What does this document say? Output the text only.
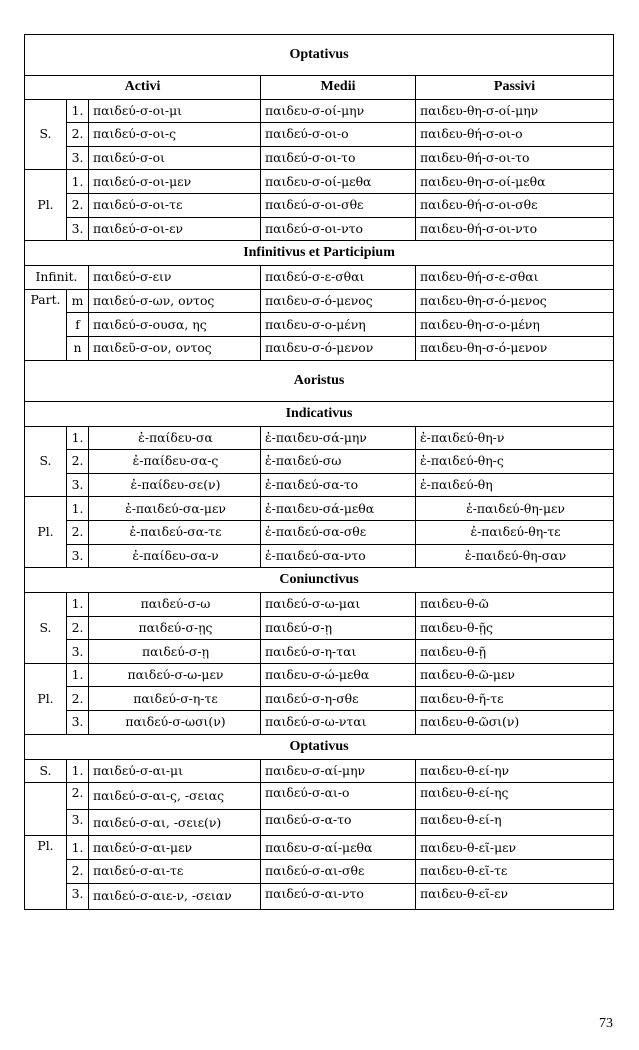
Optativus				
Activi			Medii	Passivi
S.	1.	παιδεύ-σ-οι-μι	παιδευ-σ-οί-μην	παιδευ-θη-σ-οί-μην
	2.	παιδεύ-σ-οι-ς	παιδεύ-σ-οι-ο	παιδευ-θή-σ-οι-ο
	3.	παιδεύ-σ-οι	παιδεύ-σ-οι-το	παιδευ-θή-σ-οι-το
Pl.	1.	παιδεύ-σ-οι-μεν	παιδευ-σ-οί-μεθα	παιδευ-θη-σ-οί-μεθα
	2.	παιδεύ-σ-οι-τε	παιδεύ-σ-οι-σθε	παιδευ-θή-σ-οι-σθε
	3.	παιδεύ-σ-οι-εν	παιδεύ-σ-οι-ντο	παιδευ-θή-σ-οι-ντο
Infinitivus et Participium				
Infinit.		παιδεύ-σ-ειν	παιδεύ-σ-ε-σθαι	παιδευ-θή-σ-ε-σθαι
Part.	m	παιδεύ-σ-ων, οντος	παιδευ-σ-ό-μενος	παιδευ-θη-σ-ό-μενος
	f	παιδεύ-σ-ουσα, ης	παιδευ-σ-ο-μένη	παιδευ-θη-σ-ο-μένη
	n	παιδεῦ-σ-ον, οντος	παιδευ-σ-ό-μενον	παιδευ-θη-σ-ό-μενον
Aoristus				
Indicativus				
S.	1.	ἐ-παίδευ-σα	ἐ-παιδευ-σά-μην	ἐ-παιδεύ-θη-ν
	2.	ἐ-παίδευ-σα-ς	ἐ-παιδεύ-σω	ἐ-παιδεύ-θη-ς
	3.	ἐ-παίδευ-σε(ν)	ἐ-παιδεύ-σα-το	ἐ-παιδεύ-θη
Pl.	1.	ἐ-παιδεύ-σα-μεν	ἐ-παιδευ-σά-μεθα	ἐ-παιδεύ-θη-μεν
	2.	ἐ-παιδεύ-σα-τε	ἐ-παιδεύ-σα-σθε	ἐ-παιδεύ-θη-τε
	3.	ἐ-παίδευ-σα-ν	ἐ-παιδεύ-σα-ντο	ἐ-παιδεύ-θη-σαν
Coniunctivus				
S.	1.	παιδεύ-σ-ω	παιδεύ-σ-ω-μαι	παιδευ-θ-ῶ
	2.	παιδεύ-σ-ῃς	παιδεύ-σ-ῃ	παιδευ-θ-ῇς
	3.	παιδεύ-σ-ῃ	παιδεύ-σ-η-ται	παιδευ-θ-ῇ
Pl.	1.	παιδεύ-σ-ω-μεν	παιδευ-σ-ώ-μεθα	παιδευ-θ-ῶ-μεν
	2.	παιδεύ-σ-η-τε	παιδεύ-σ-η-σθε	παιδευ-θ-ῆ-τε
	3.	παιδεύ-σ-ωσι(ν)	παιδεύ-σ-ω-νται	παιδευ-θ-ῶσι(ν)
Optativus				
S.	1.	παιδεύ-σ-αι-μι	παιδευ-σ-αί-μην	παιδευ-θ-εί-ην
	2.	παιδεύ-σ-αι-ς, -σειας	παιδεύ-σ-αι-ο	παιδευ-θ-εί-ης
	3.	παιδεύ-σ-αι, -σειε(ν)	παιδεύ-σ-α-το	παιδευ-θ-εί-η
Pl.	1.	παιδεύ-σ-αι-μεν	παιδευ-σ-αί-μεθα	παιδευ-θ-εῖ-μεν
	2.	παιδεύ-σ-αι-τε	παιδεύ-σ-αι-σθε	παιδευ-θ-εῖ-τε
	3.	παιδεύ-σ-αιε-ν, -σειαν	παιδεύ-σ-αι-ντο	παιδευ-θ-εῖ-εν
73
